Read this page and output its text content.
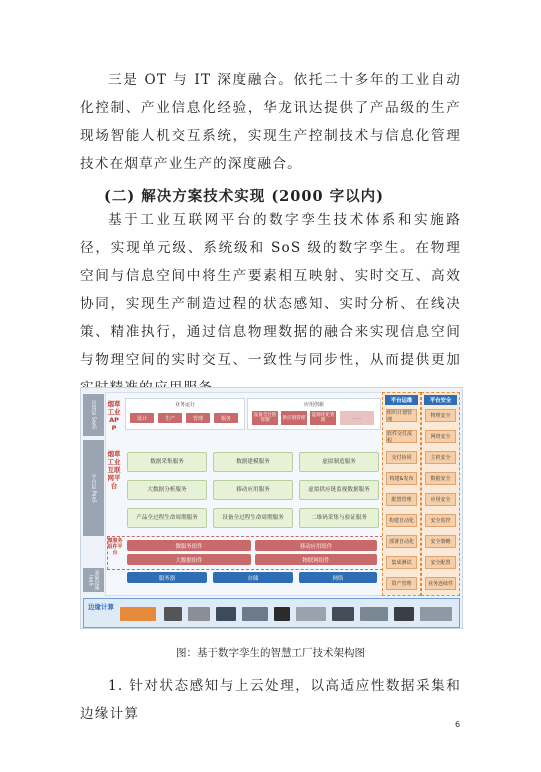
三是 OT 与 IT 深度融合。依托二十多年的工业自动化控制、产业信息化经验，华龙讯达提供了产品级的生产现场智能人机交互系统，实现生产控制技术与信息化管理技术在烟草产业生产的深度融合。
(二) 解决方案技术实现 (2000 字以内)
基于工业互联网平台的数字孪生技术体系和实施路径，实现单元级、系统级和 SoS 级的数字孪生。在物理空间与信息空间中将生产要素相互映射、实时交互、高效协同，实现生产制造过程的状态感知、实时分析、在线决策、精准执行，通过信息物理数据的融合来实现信息空间与物理空间的实时交互、一致性与同步性，从而提供更加
应用层 SaaS
平台层 PaaS
基础设施 IaaS
烟草工业APP
业务运行
设计	生产	管理	服务
应用创新
设备全过程管理	供应链管理	能源优化管理	……
烟草工业互联网平台
数据采集服务	数据建模服务	虚拟制造服务
大数据分析服务	移动应用服务	虚拟供应链监视数据服务
产品全过程生命周期服务	设备全过程生命周期服务	二维码采集与验证服务
微服务组件平台
微服务组件	移动应用组件
大数据组件	物联网组件
服务器	存储	网络
平台运维
组织计划管理
软件交付流程
交付协同
构建&发布
配置管理
构建自动化
部署自动化
集成测试
资产管理
平台安全
物理安全
网络安全
主机安全
数据安全
应用安全
安全监控
安全策略
安全配置
业务连续性
边缘计算
图：基于数字孪生的智慧工厂技术架构图
1. 针对状态感知与上云处理，以高适应性数据采集和边缘计算
6
